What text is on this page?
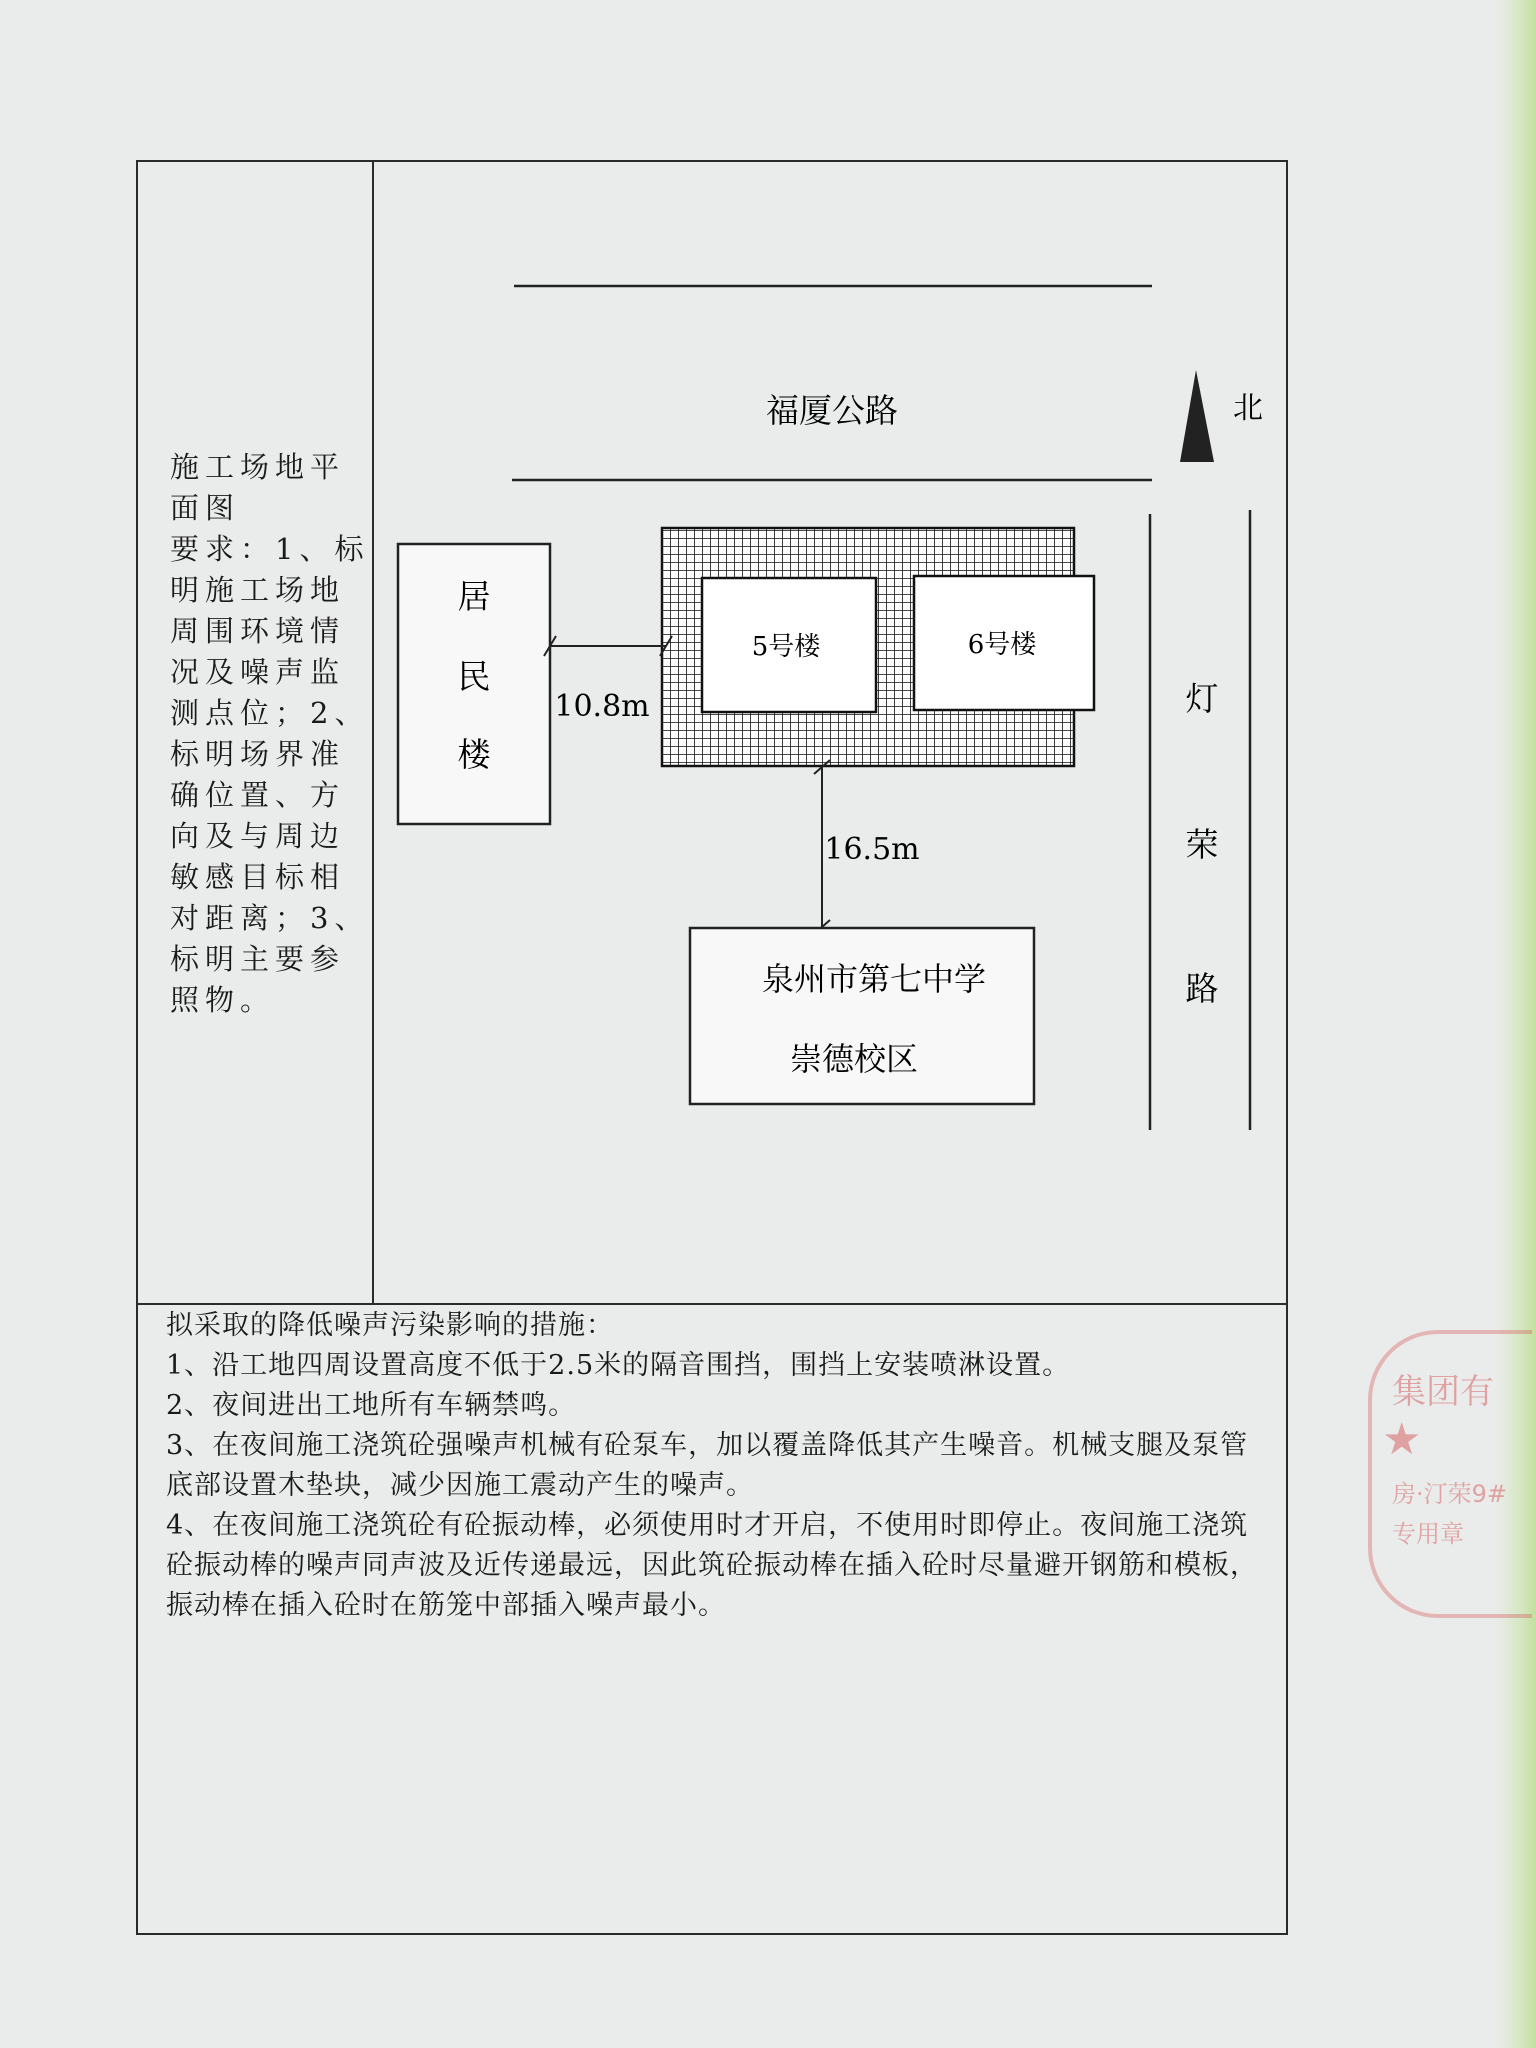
施工场地平面图

要求：1、标明施工场地周围环境情况及噪声监测点位；2、标明场界准确位置、方向及与周边敏感目标相对距离；3、标明主要参照物。

福厦公路	北
灯
荣
路
居
民
楼
5号楼	6号楼
10.8m
16.5m
泉州市第七中学
崇德校区

拟采取的降低噪声污染影响的措施：

1、沿工地四周设置高度不低于2.5米的隔音围挡，围挡上安装喷淋设置。

2、夜间进出工地所有车辆禁鸣。

3、在夜间施工浇筑砼强噪声机械有砼泵车，加以覆盖降低其产生噪音。机械支腿及泵管底部设置木垫块，减少因施工震动产生的噪声。

4、在夜间施工浇筑砼有砼振动棒，必须使用时才开启，不使用时即停止。夜间施工浇筑砼振动棒的噪声同声波及近传递最远，因此筑砼振动棒在插入砼时尽量避开钢筋和模板，振动棒在插入砼时在筋笼中部插入噪声最小。

集团有
★
房·汀荣9#
专用章
